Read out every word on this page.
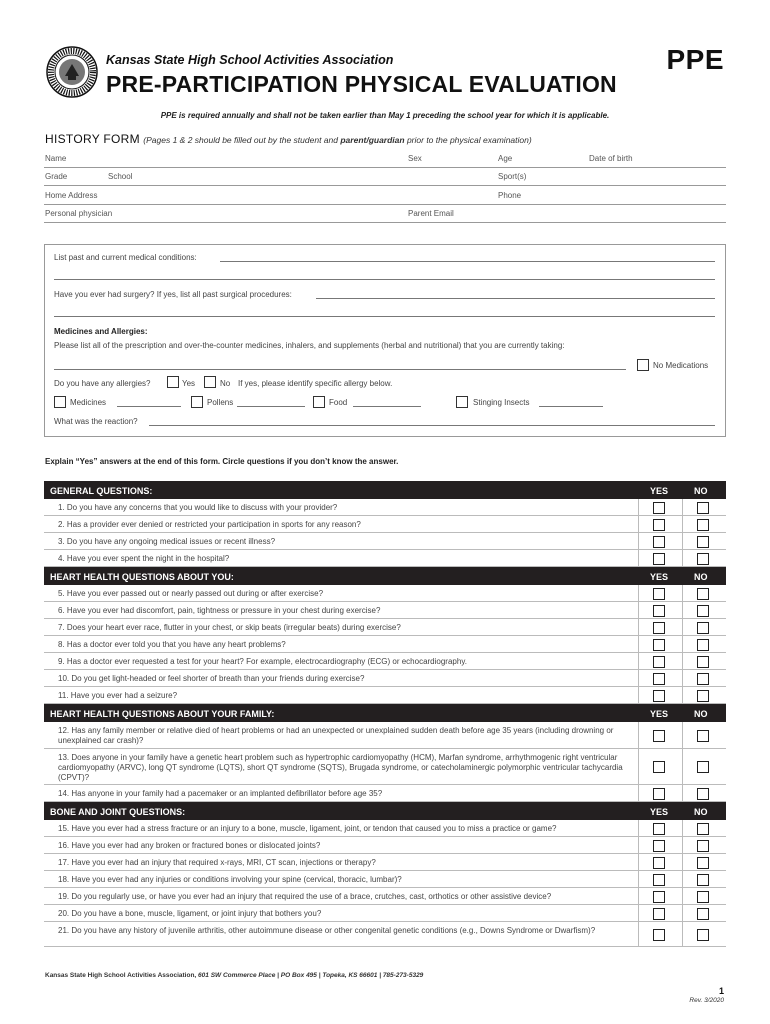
Kansas State High School Activities Association	PPE
PRE-PARTICIPATION PHYSICAL EVALUATION
PPE is required annually and shall not be taken earlier than May 1 preceding the school year for which it is applicable.
HISTORY FORM (Pages 1 & 2 should be filled out by the student and parent/guardian prior to the physical examination)
Name	Sex	Age	Date of birth
Grade	School	Sport(s)
Home Address	Phone
Personal physician	Parent Email
List past and current medical conditions:
Have you ever had surgery? If yes, list all past surgical procedures:
Medicines and Allergies:
Please list all of the prescription and over-the-counter medicines, inhalers, and supplements (herbal and nutritional) that you are currently taking:
No Medications
Do you have any allergies?	Yes	No If yes, please identify specific allergy below.
Medicines	Pollens	Food	Stinging Insects
What was the reaction?
Explain “Yes” answers at the end of this form. Circle questions if you don’t know the answer.
GENERAL QUESTIONS:	YES	NO
1. Do you have any concerns that you would like to discuss with your provider?
2. Has a provider ever denied or restricted your participation in sports for any reason?
3. Do you have any ongoing medical issues or recent illness?
4. Have you ever spent the night in the hospital?
HEART HEALTH QUESTIONS ABOUT YOU:	YES	NO
5. Have you ever passed out or nearly passed out during or after exercise?
6. Have you ever had discomfort, pain, tightness or pressure in your chest during exercise?
7. Does your heart ever race, flutter in your chest, or skip beats (irregular beats) during exercise?
8. Has a doctor ever told you that you have any heart problems?
9. Has a doctor ever requested a test for your heart? For example, electrocardiography (ECG) or echocardiography.
10. Do you get light-headed or feel shorter of breath than your friends during exercise?
11. Have you ever had a seizure?
HEART HEALTH QUESTIONS ABOUT YOUR FAMILY:	YES	NO
12. Has any family member or relative died of heart problems or had an unexpected or unexplained sudden death before age 35 years (including drowning or unexplained car crash)?
13. Does anyone in your family have a genetic heart problem such as hypertrophic cardiomyopathy (HCM), Marfan syndrome, arrhythmogenic right ventricular cardiomyopathy (ARVC), long QT syndrome (LQTS), short QT syndrome (SQTS), Brugada syndrome, or catecholaminergic polymorphic ventricular tachycardia (CPVT)?
14. Has anyone in your family had a pacemaker or an implanted defibrillator before age 35?
BONE AND JOINT QUESTIONS:	YES	NO
15. Have you ever had a stress fracture or an injury to a bone, muscle, ligament, joint, or tendon that caused you to miss a practice or game?
16. Have you ever had any broken or fractured bones or dislocated joints?
17. Have you ever had an injury that required x-rays, MRI, CT scan, injections or therapy?
18. Have you ever had any injuries or conditions involving your spine (cervical, thoracic, lumbar)?
19. Do you regularly use, or have you ever had an injury that required the use of a brace, crutches, cast, orthotics or other assistive device?
20. Do you have a bone, muscle, ligament, or joint injury that bothers you?
21. Do you have any history of juvenile arthritis, other autoimmune disease or other congenital genetic conditions (e.g., Downs Syndrome or Dwarfism)?
Kansas State High School Activities Association, 601 SW Commerce Place | PO Box 495 | Topeka, KS 66601 | 785-273-5329
1
Rev. 3/2020
